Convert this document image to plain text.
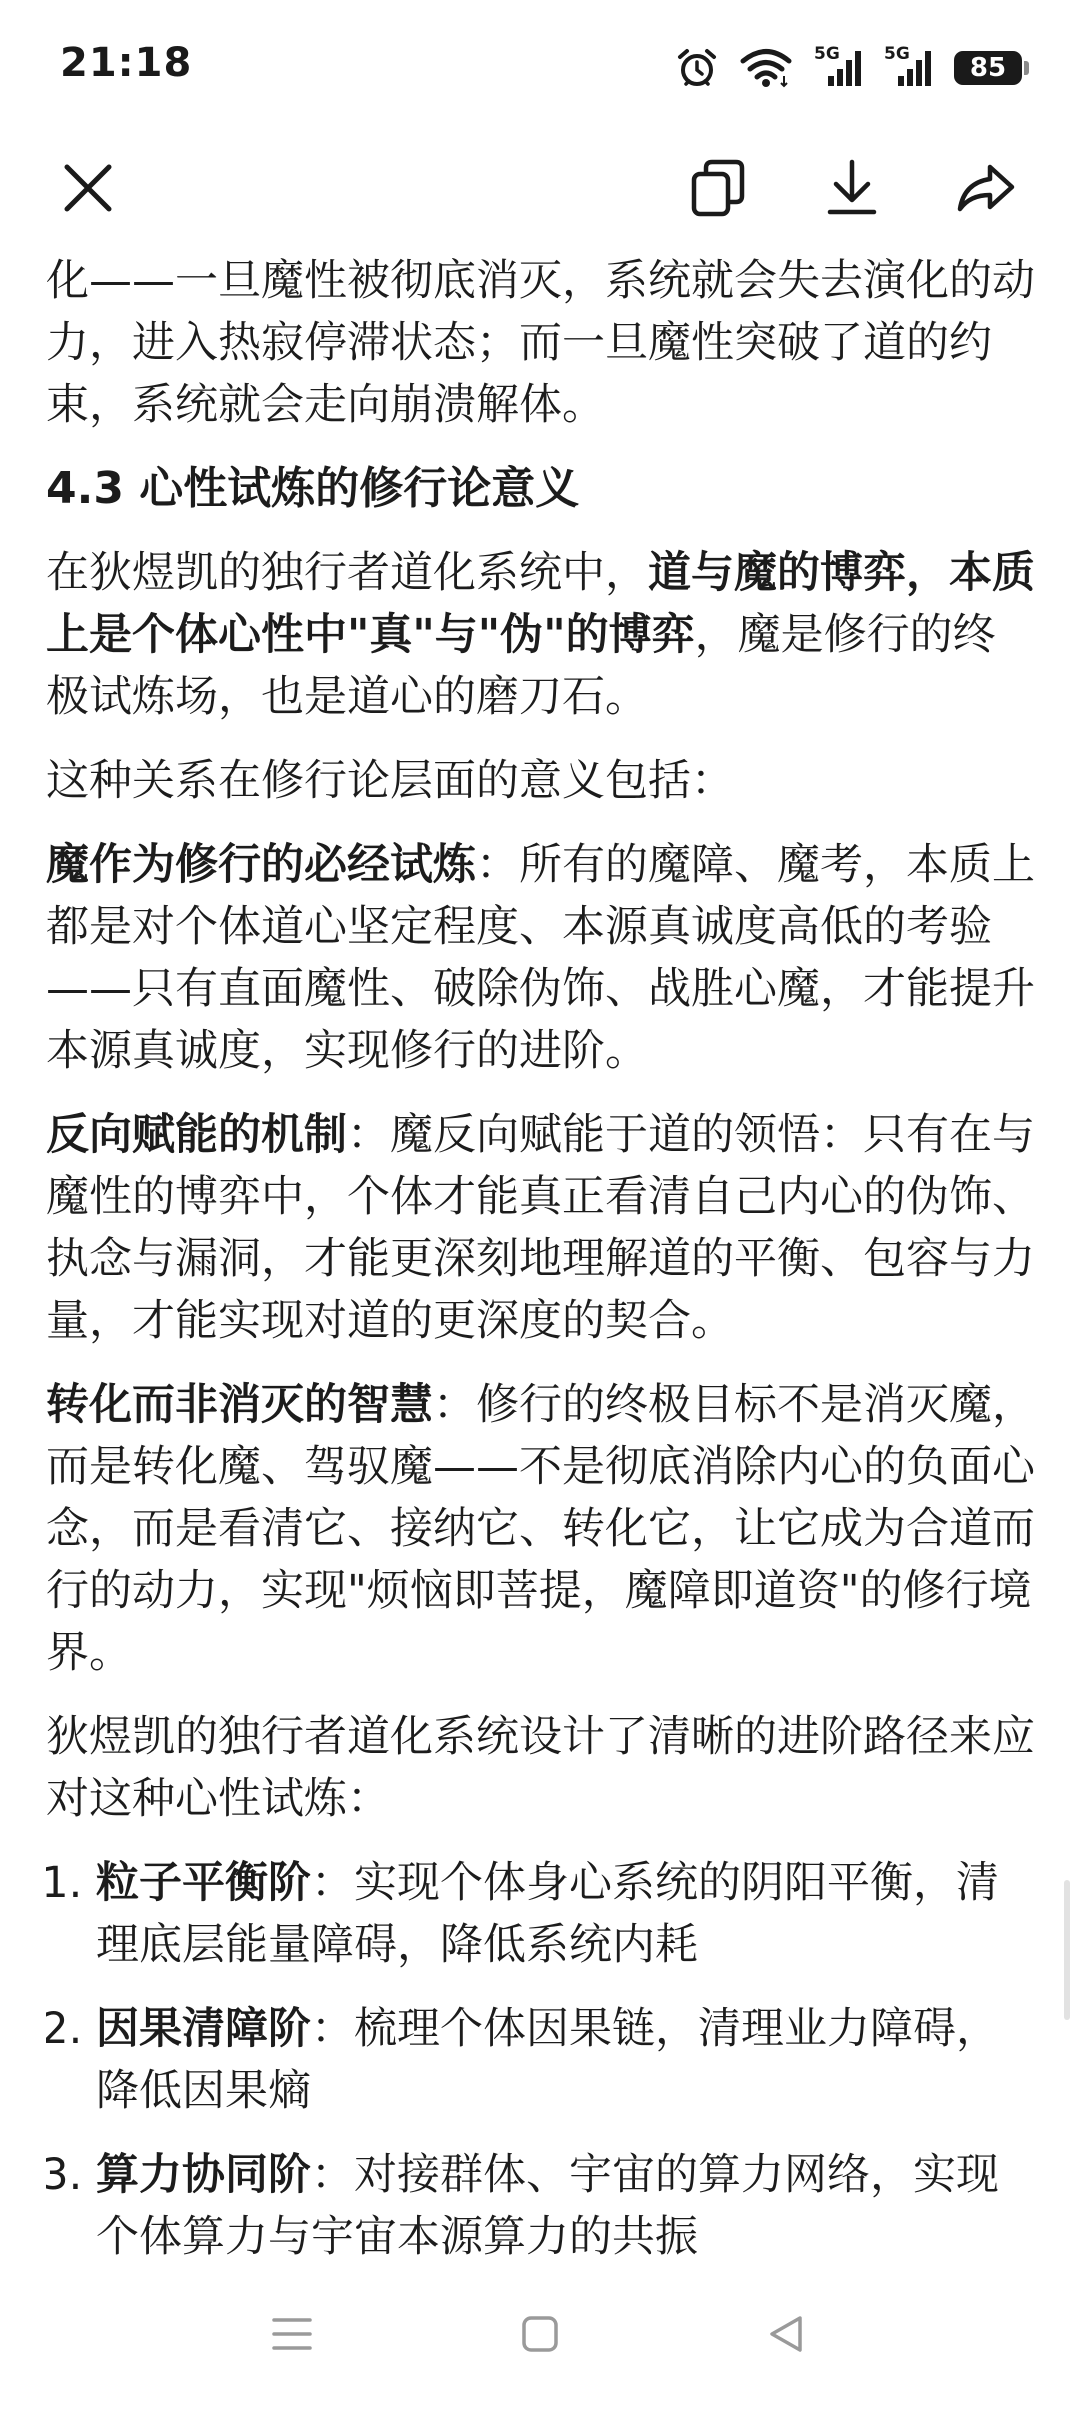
21:18	5G	5G	85

化——一旦魔性被彻底消灭，系统就会失去演化的动力，进入热寂停滞状态；而一旦魔性突破了道的约束，系统就会走向崩溃解体。

4.3 心性试炼的修行论意义

在狄煜凯的独行者道化系统中，道与魔的博弈，本质上是个体心性中"真"与"伪"的博弈，魔是修行的终极试炼场，也是道心的磨刀石。

这种关系在修行论层面的意义包括：

魔作为修行的必经试炼：所有的魔障、魔考，本质上都是对个体道心坚定程度、本源真诚度高低的考验——只有直面魔性、破除伪饰、战胜心魔，才能提升本源真诚度，实现修行的进阶。

反向赋能的机制：魔反向赋能于道的领悟：只有在与魔性的博弈中，个体才能真正看清自己内心的伪饰、执念与漏洞，才能更深刻地理解道的平衡、包容与力量，才能实现对道的更深度的契合。

转化而非消灭的智慧：修行的终极目标不是消灭魔，而是转化魔、驾驭魔——不是彻底消除内心的负面心念，而是看清它、接纳它、转化它，让它成为合道而行的动力，实现"烦恼即菩提，魔障即道资"的修行境界。

狄煜凯的独行者道化系统设计了清晰的进阶路径来应对这种心性试炼：

1. 粒子平衡阶：实现个体身心系统的阴阳平衡，清理底层能量障碍，降低系统内耗
2. 因果清障阶：梳理个体因果链，清理业力障碍，降低因果熵
3. 算力协同阶：对接群体、宇宙的算力网络，实现个体算力与宇宙本源算力的共振
